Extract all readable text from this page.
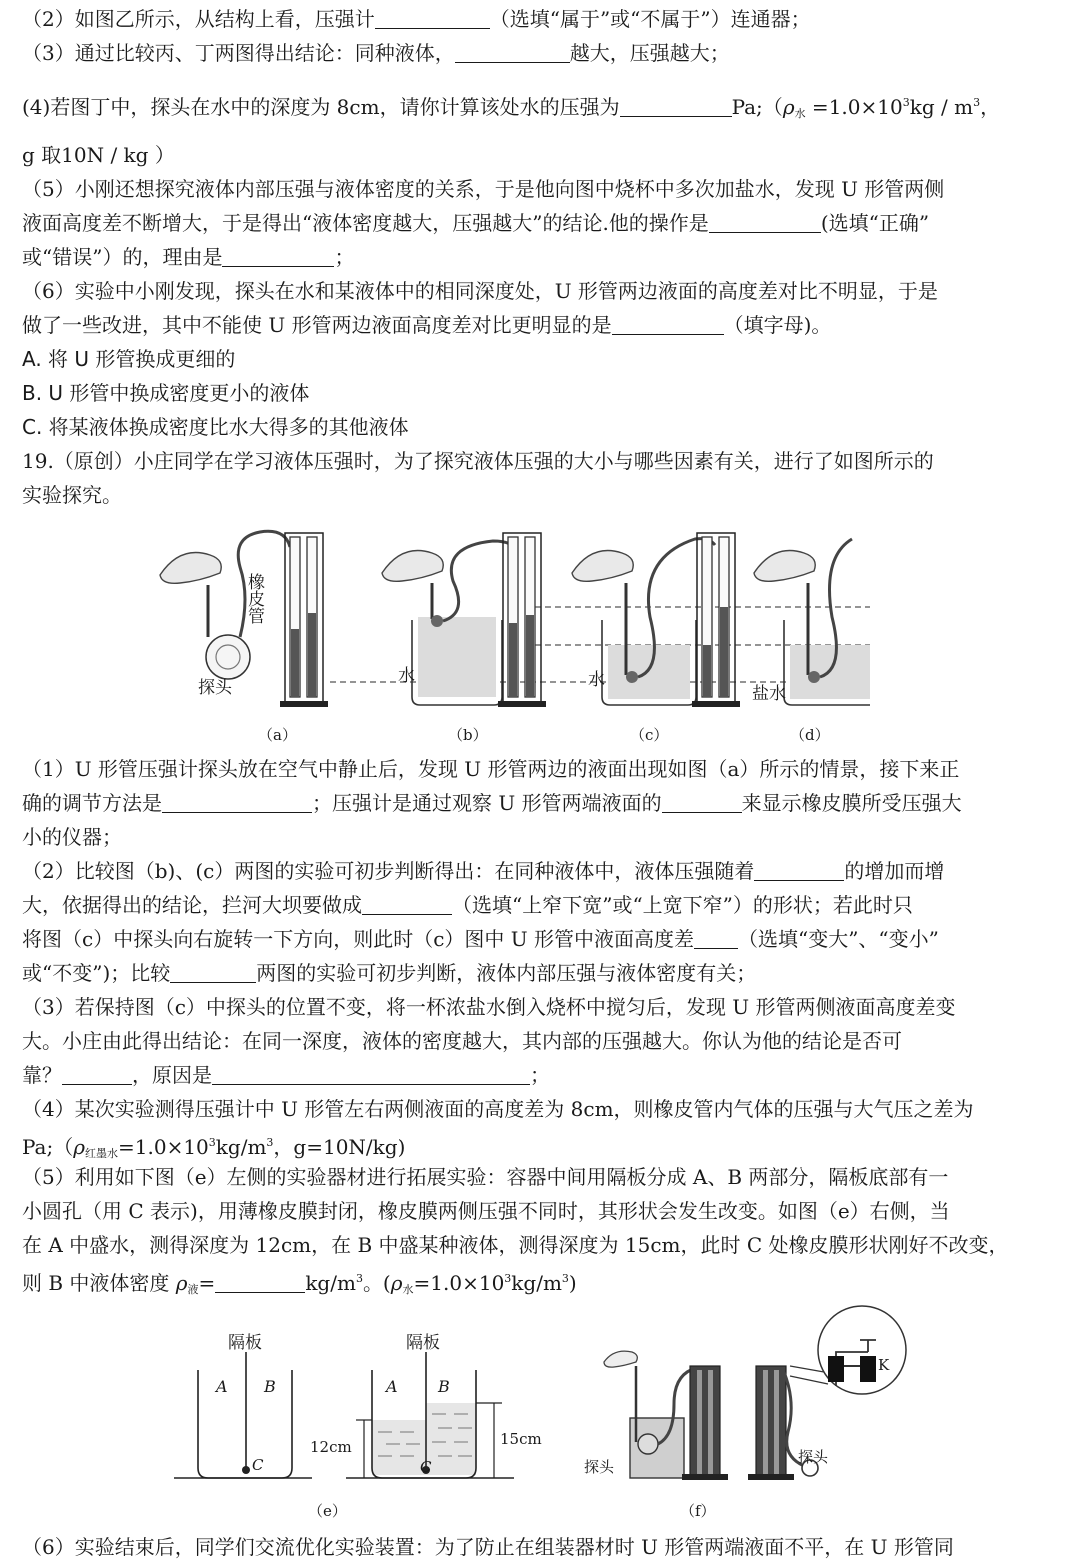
（2）如图乙所示，从结构上看，压强计	（选填“属于”或“不属于”）连通器；
（3）通过比较丙、丁两图得出结论：同种液体，	越大，压强越大；
(4)若图丁中，探头在水中的深度为 8cm，请你计算该处水的压强为	$Pa;(\rho_水 =1.0\times 10^3kg / m^3$，
g 取10N / kg ）
（5）小刚还想探究液体内部压强与液体密度的关系，于是他向图中烧杯中多次加盐水，发现 U 形管两侧
液面高度差不断增大，于是得出“液体密度越大，压强越大”的结论.他的操作是	(选填“正确”
或“错误”）的，理由是	；
（6）实验中小刚发现，探头在水和某液体中的相同深度处，U 形管两边液面的高度差对比不明显，于是
做了一些改进，其中不能使 U 形管两边液面高度差对比更明显的是	（填字母)。
A. 将 U 形管换成更细的
B. U 形管中换成密度更小的液体
C. 将某液体换成密度比水大得多的其他液体
19.（原创）小庄同学在学习液体压强时，为了探究液体压强的大小与哪些因素有关，进行了如图所示的
实验探究。
橡皮管
探头
水	水
盐水
（a）	（b）	（c）	（d）
（1）U 形管压强计探头放在空气中静止后，发现 U 形管两边的液面出现如图（a）所示的情景，接下来正
确的调节方法是	；压强计是通过观察 U 形管两端液面的	来显示橡皮膜所受压强大
小的仪器；
（2）比较图（b)、(c）两图的实验可初步判断得出：在同种液体中，液体压强随着	的增加而增
大，依据得出的结论，拦河大坝要做成	（选填“上窄下宽”或“上宽下窄”）的形状；若此时只
将图（c）中探头向右旋转一下方向，则此时（c）图中 U 形管中液面高度差 （选填“变大”、“变小”
或“不变”)；比较	两图的实验可初步判断，液体内部压强与液体密度有关；
（3）若保持图（c）中探头的位置不变，将一杯浓盐水倒入烧杯中搅匀后，发现 U 形管两侧液面高度差变
大。小庄由此得出结论：在同一深度，液体的密度越大，其内部的压强越大。你认为他的结论是否可
靠？	，原因是	；
（4）某次实验测得压强计中 U 形管左右两侧液面的高度差为 8cm，则橡皮管内气体的压强与大气压之差为
$Pa;(\rho_{红墨水}=1.0\times 10^3kg/m^3$，g=10N/kg)
（5）利用如下图（e）左侧的实验器材进行拓展实验：容器中间用隔板分成 A、B 两部分，隔板底部有一
小圆孔（用 C 表示)，用薄橡皮膜封闭，橡皮膜两侧压强不同时，其形状会发生改变。如图（e）右侧，当
在 A 中盛水，测得深度为 12cm，在 B 中盛某种液体，测得深度为 15cm，此时 C 处橡皮膜形状刚好不改变，
则 B 中液体密度 $\rho_液=$	$kg/m^3$。$(\rho_水=1.0\times 10^3kg/m^3)$
隔板
A B
C
隔板
A	B
C
12cm	15cm
探头
K
探头
（e）	（f）
（6）实验结束后，同学们交流优化实验装置：为了防止在组装器材时 U 形管两端液面不平，在 U 形管同
